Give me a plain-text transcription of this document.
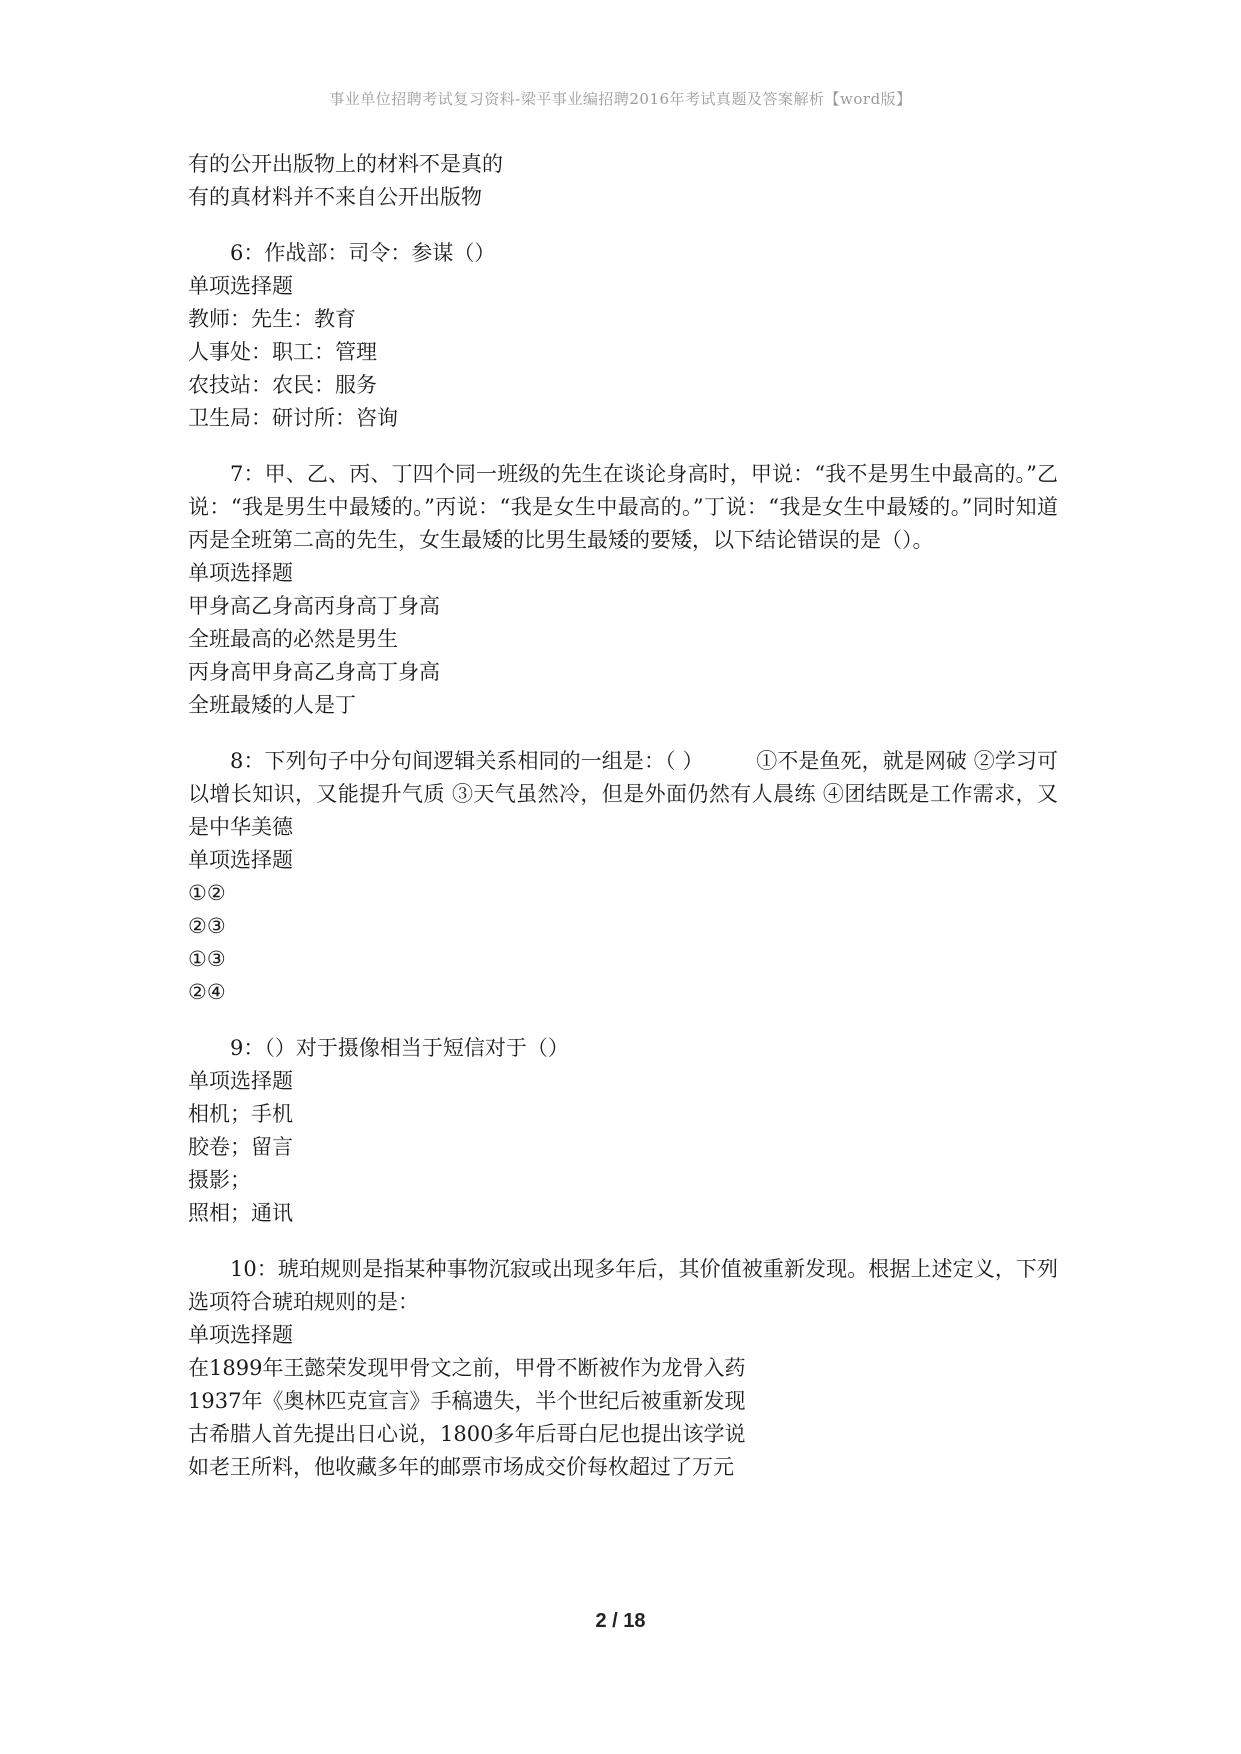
事业单位招聘考试复习资料-梁平事业编招聘2016年考试真题及答案解析【word版】
有的公开出版物上的材料不是真的
有的真材料并不来自公开出版物
6：作战部：司令：参谋（）
单项选择题
教师：先生：教育
人事处：职工：管理
农技站：农民：服务
卫生局：研讨所：咨询
7：甲、乙、丙、丁四个同一班级的先生在谈论身高时，甲说：“我不是男生中最高的。”乙说：“我是男生中最矮的。”丙说：“我是女生中最高的。”丁说：“我是女生中最矮的。”同时知道丙是全班第二高的先生，女生最矮的比男生最矮的要矮，以下结论错误的是（）。
单项选择题
甲身高乙身高丙身高丁身高
全班最高的必然是男生
丙身高甲身高乙身高丁身高
全班最矮的人是丁
8：下列句子中分句间逻辑关系相同的一组是：（ ）　　　①不是鱼死，就是网破 ②学习可以增长知识，又能提升气质 ③天气虽然冷，但是外面仍然有人晨练 ④团结既是工作需求，又是中华美德
单项选择题
①②
②③
①③
②④
9：（）对于摄像相当于短信对于（）
单项选择题
相机；手机
胶卷；留言
摄影；
照相；通讯
10：琥珀规则是指某种事物沉寂或出现多年后，其价值被重新发现。根据上述定义，下列选项符合琥珀规则的是：
单项选择题
在1899年王懿荣发现甲骨文之前，甲骨不断被作为龙骨入药
1937年《奥林匹克宣言》手稿遗失，半个世纪后被重新发现
古希腊人首先提出日心说，1800多年后哥白尼也提出该学说
如老王所料，他收藏多年的邮票市场成交价每枚超过了万元
2 / 18
